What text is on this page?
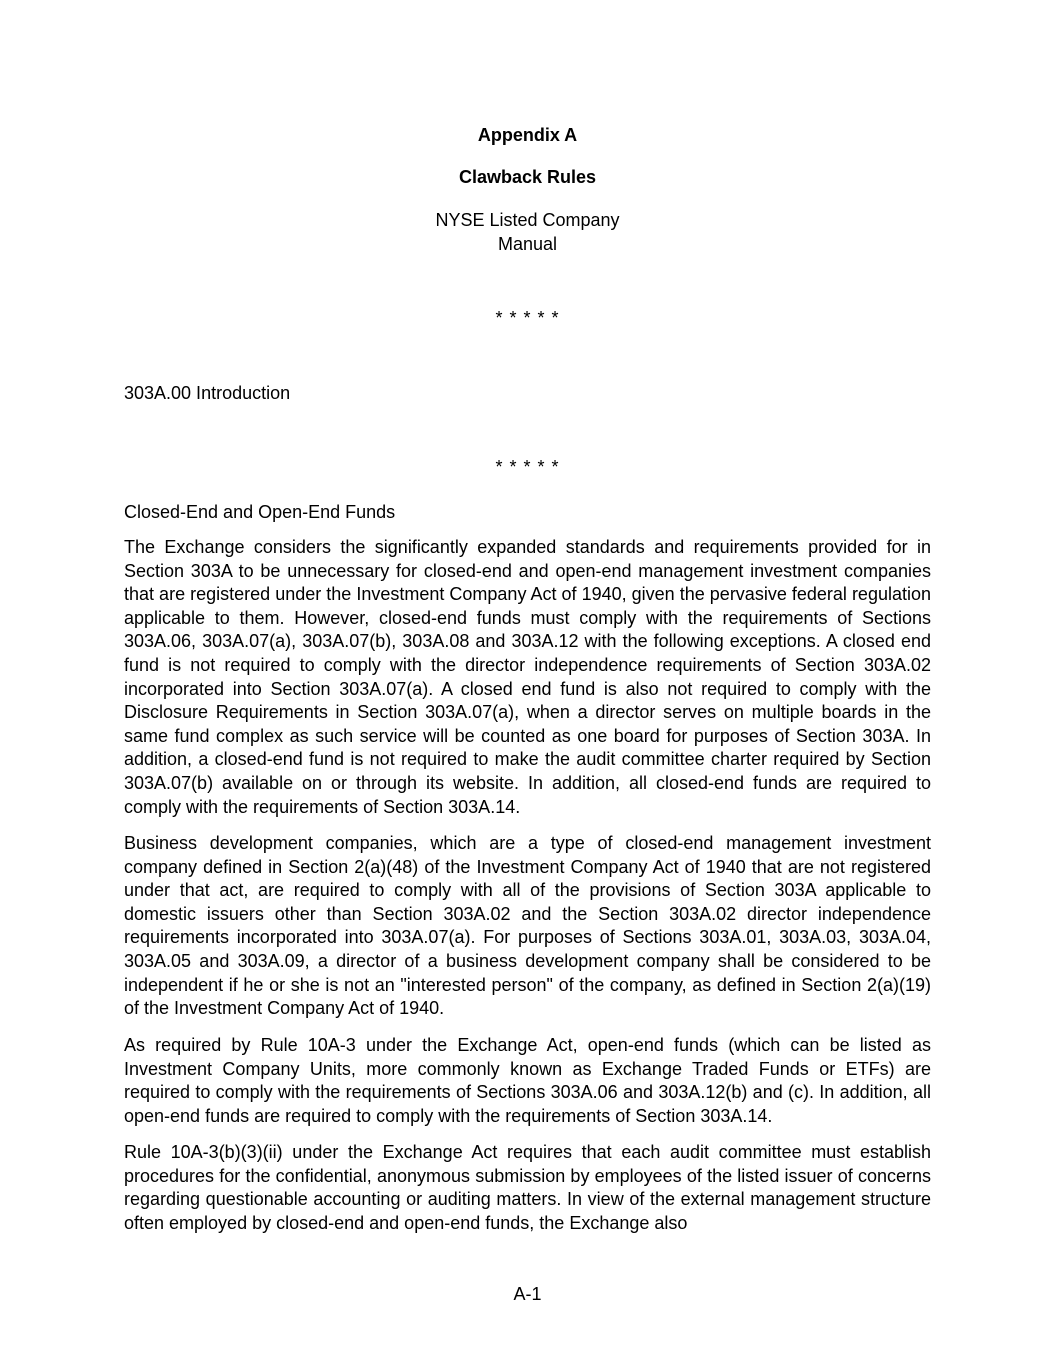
Appendix A
Clawback Rules
NYSE Listed Company
Manual
* * * * *
303A.00 Introduction
* * * * *
Closed-End and Open-End Funds
The Exchange considers the significantly expanded standards and requirements provided for in Section 303A to be unnecessary for closed-end and open-end management investment companies that are registered under the Investment Company Act of 1940, given the pervasive federal regulation applicable to them. However, closed-end funds must comply with the requirements of Sections 303A.06, 303A.07(a), 303A.07(b), 303A.08 and 303A.12 with the following exceptions. A closed end fund is not required to comply with the director independence requirements of Section 303A.02 incorporated into Section 303A.07(a). A closed end fund is also not required to comply with the Disclosure Requirements in Section 303A.07(a), when a director serves on multiple boards in the same fund complex as such service will be counted as one board for purposes of Section 303A. In addition, a closed-end fund is not required to make the audit committee charter required by Section 303A.07(b) available on or through its website. In addition, all closed-end funds are required to comply with the requirements of Section 303A.14.
Business development companies, which are a type of closed-end management investment company defined in Section 2(a)(48) of the Investment Company Act of 1940 that are not registered under that act, are required to comply with all of the provisions of Section 303A applicable to domestic issuers other than Section 303A.02 and the Section 303A.02 director independence requirements incorporated into 303A.07(a). For purposes of Sections 303A.01, 303A.03, 303A.04, 303A.05 and 303A.09, a director of a business development company shall be considered to be independent if he or she is not an "interested person" of the company, as defined in Section 2(a)(19) of the Investment Company Act of 1940.
As required by Rule 10A-3 under the Exchange Act, open-end funds (which can be listed as Investment Company Units, more commonly known as Exchange Traded Funds or ETFs) are required to comply with the requirements of Sections 303A.06 and 303A.12(b) and (c). In addition, all open-end funds are required to comply with the requirements of Section 303A.14.
Rule 10A-3(b)(3)(ii) under the Exchange Act requires that each audit committee must establish procedures for the confidential, anonymous submission by employees of the listed issuer of concerns regarding questionable accounting or auditing matters. In view of the external management structure often employed by closed-end and open-end funds, the Exchange also
A-1
